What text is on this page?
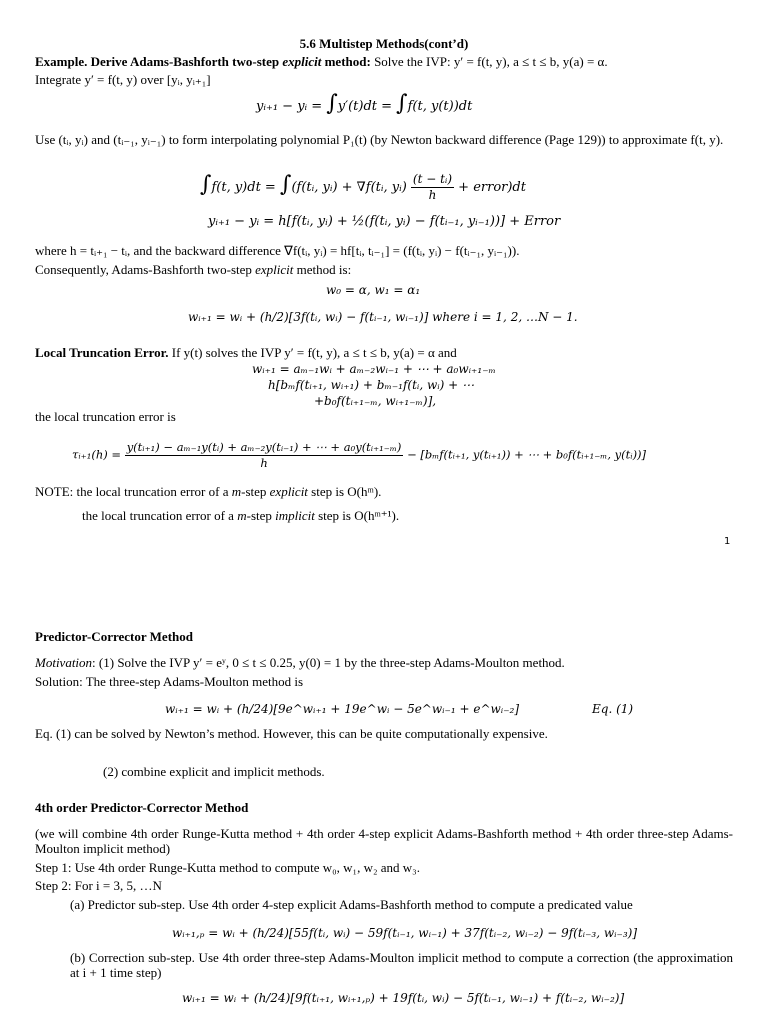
5.6 Multistep Methods(cont’d)
Example. Derive Adams-Bashforth two-step explicit method: Solve the IVP: y′ = f(t, y), a ≤ t ≤ b, y(a) = α.
Integrate y′ = f(t, y) over [yᵢ, yᵢ₊₁]
yᵢ₊₁ − yᵢ = ∫y′(t)dt = ∫f(t, y(t))dt
Use (tᵢ, yᵢ) and (tᵢ₋₁, yᵢ₋₁) to form interpolating polynomial P₁(t) (by Newton backward difference (Page 129)) to approximate f(t, y).
∫f(t, y)dt = ∫(f(tᵢ, yᵢ) + ∇f(tᵢ, yᵢ) $\frac{\text{(t − tᵢ)}}{h}$ + error)dt
yᵢ₊₁ − yᵢ = h[f(tᵢ, yᵢ) + ½(f(tᵢ, yᵢ) − f(tᵢ₋₁, yᵢ₋₁))] + Error
where h = tᵢ₊₁ − tᵢ, and the backward difference ∇f(tᵢ, yᵢ) = hf[tᵢ, tᵢ₋₁] = (f(tᵢ, yᵢ) − f(tᵢ₋₁, yᵢ₋₁)).
Consequently, Adams-Bashforth two-step explicit method is:
w₀ = α, w₁ = α₁
wᵢ₊₁ = wᵢ + (h/2)[3f(tᵢ, wᵢ) − f(tᵢ₋₁, wᵢ₋₁)] where i = 1, 2, …N − 1.
Local Truncation Error. If y(t) solves the IVP y′ = f(t, y), a ≤ t ≤ b, y(a) = α and
wᵢ₊₁ = aₘ₋₁wᵢ + aₘ₋₂wᵢ₋₁ + ⋯ + a₀wᵢ₊₁₋ₘ
h[bₘf(tᵢ₊₁, wᵢ₊₁) + bₘ₋₁f(tᵢ, wᵢ) + ⋯
+b₀f(tᵢ₊₁₋ₘ, wᵢ₊₁₋ₘ)],
the local truncation error is
τᵢ₊₁(h) = $\frac{\text{y(tᵢ₊₁) − aₘ₋₁y(tᵢ) + aₘ₋₂y(tᵢ₋₁) + ⋯ + a₀y(tᵢ₊₁₋ₘ)}}{h}$ − [bₘf(tᵢ₊₁, y(tᵢ₊₁)) + ⋯ + b₀f(tᵢ₊₁₋ₘ, y(tᵢ))]
NOTE: the local truncation error of a m-step explicit step is O(hᵐ).
the local truncation error of a m-step implicit step is O(hᵐ⁺¹).
1
Predictor-Corrector Method
Motivation: (1) Solve the IVP y′ = eʸ, 0 ≤ t ≤ 0.25, y(0) = 1 by the three-step Adams-Moulton method.
Solution: The three-step Adams-Moulton method is
wᵢ₊₁ = wᵢ + (h/24)[9e^wᵢ₊₁ + 19e^wᵢ − 5e^wᵢ₋₁ + e^wᵢ₋₂]	Eq. (1)
Eq. (1) can be solved by Newton’s method. However, this can be quite computationally expensive.
(2) combine explicit and implicit methods.
4th order Predictor-Corrector Method
(we will combine 4th order Runge-Kutta method + 4th order 4-step explicit Adams-Bashforth method + 4th order three-step Adams-Moulton implicit method)
Step 1: Use 4th order Runge-Kutta method to compute w₀, w₁, w₂ and w₃.
Step 2: For i = 3, 5, …N
(a) Predictor sub-step. Use 4th order 4-step explicit Adams-Bashforth method to compute a predicated value
wᵢ₊₁,ₚ = wᵢ + (h/24)[55f(tᵢ, wᵢ) − 59f(tᵢ₋₁, wᵢ₋₁) + 37f(tᵢ₋₂, wᵢ₋₂) − 9f(tᵢ₋₃, wᵢ₋₃)]
(b) Correction sub-step. Use 4th order three-step Adams-Moulton implicit method to compute a correction (the approximation at i + 1 time step)
wᵢ₊₁ = wᵢ + (h/24)[9f(tᵢ₊₁, wᵢ₊₁,ₚ) + 19f(tᵢ, wᵢ) − 5f(tᵢ₋₁, wᵢ₋₁) + f(tᵢ₋₂, wᵢ₋₂)]
